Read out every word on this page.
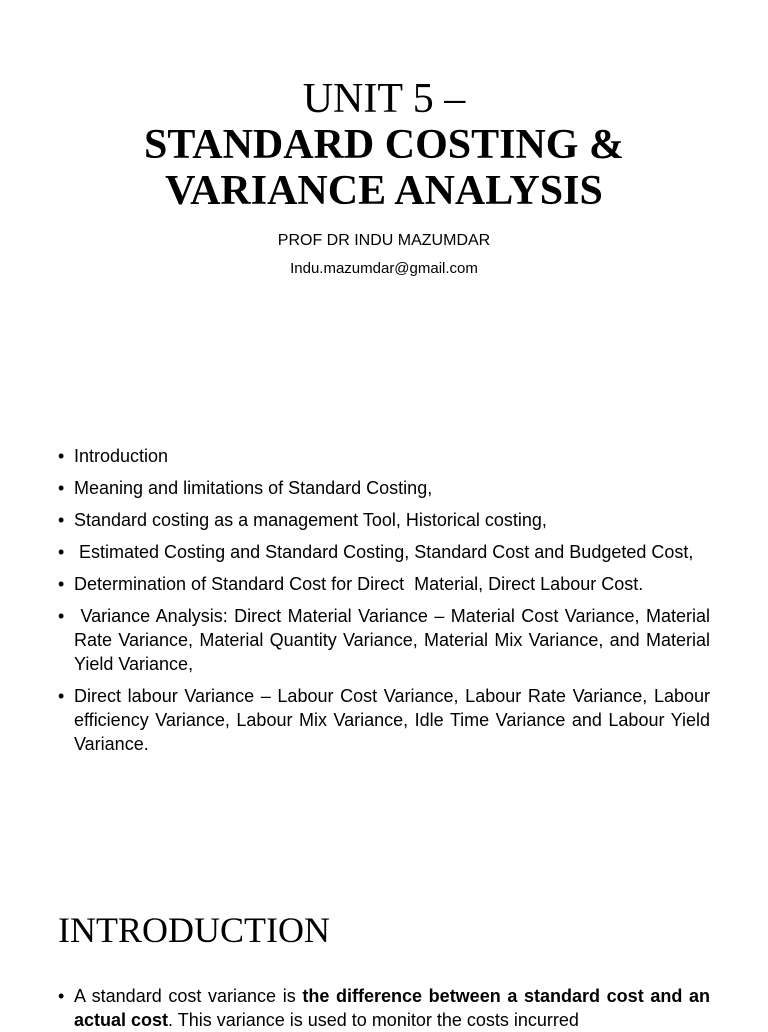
UNIT 5 –
STANDARD COSTING &
VARIANCE ANALYSIS
PROF DR INDU MAZUMDAR
Indu.mazumdar@gmail.com
• Introduction
• Meaning and limitations of Standard Costing,
• Standard costing as a management Tool, Historical costing,
• Estimated Costing and Standard Costing, Standard Cost and Budgeted Cost,
• Determination of Standard Cost for Direct  Material, Direct Labour Cost.
• Variance Analysis: Direct Material Variance – Material Cost Variance, Material Rate Variance, Material Quantity Variance, Material Mix Variance, and Material Yield Variance,
• Direct labour Variance – Labour Cost Variance, Labour Rate Variance, Labour efficiency Variance, Labour Mix Variance, Idle Time Variance and Labour Yield Variance.
INTRODUCTION

• A standard cost variance is the difference between a standard cost and an actual cost. This variance is used to monitor the costs incurred
